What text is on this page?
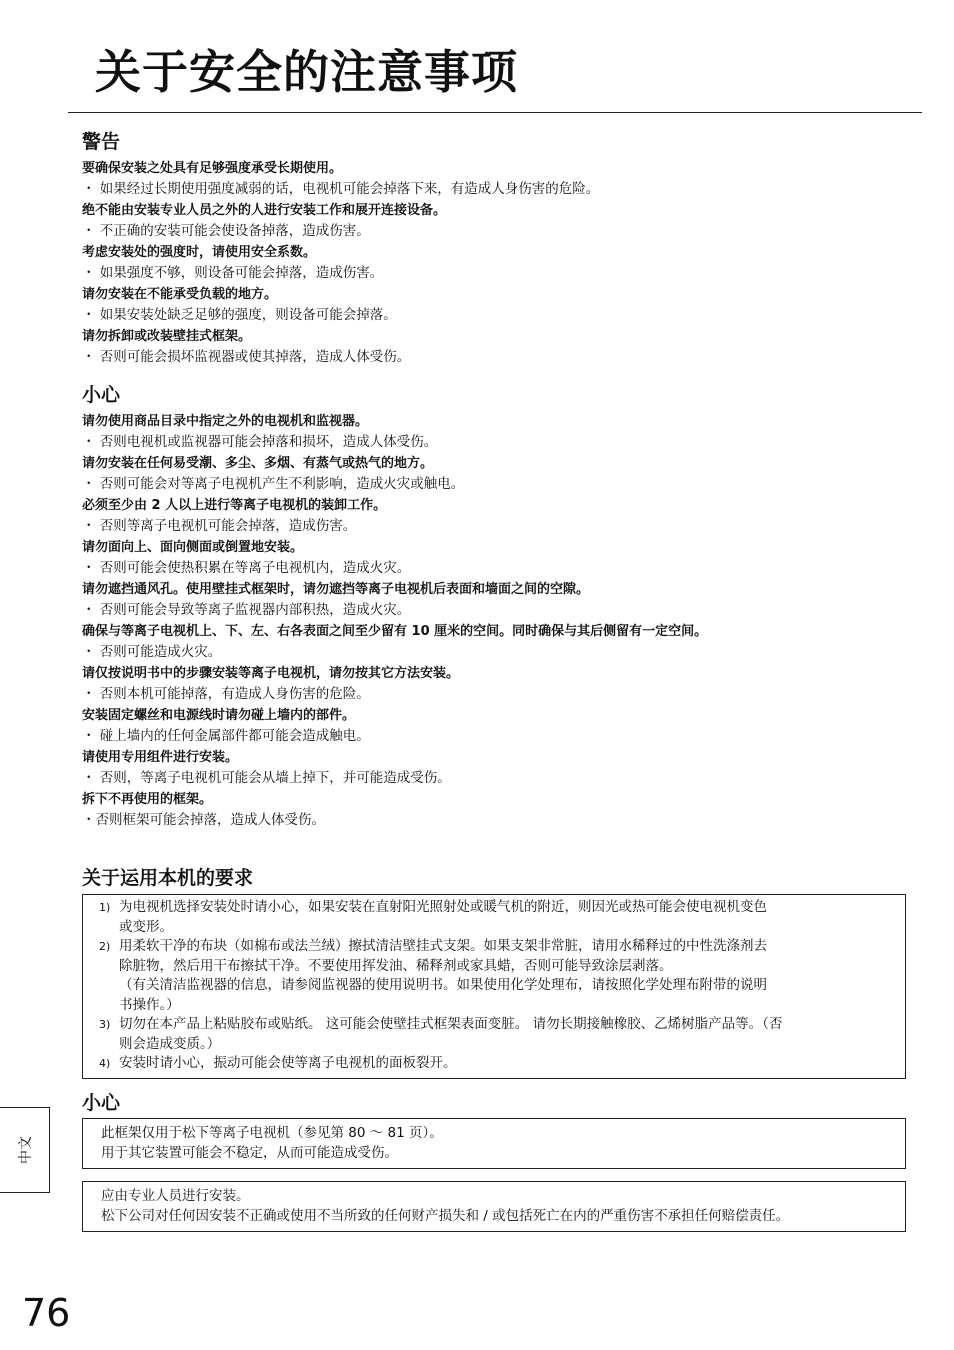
关于安全的注意事项
警告
要确保安装之处具有足够强度承受长期使用。
・ 如果经过长期使用强度减弱的话，电视机可能会掉落下来，有造成人身伤害的危险。
绝不能由安装专业人员之外的人进行安装工作和展开连接设备。
・ 不正确的安装可能会使设备掉落，造成伤害。
考虑安装处的强度时，请使用安全系数。
・ 如果强度不够，则设备可能会掉落，造成伤害。
请勿安装在不能承受负载的地方。
・ 如果安装处缺乏足够的强度，则设备可能会掉落。
请勿拆卸或改装壁挂式框架。
・ 否则可能会损坏监视器或使其掉落，造成人体受伤。
小心
请勿使用商品目录中指定之外的电视机和监视器。
・ 否则电视机或监视器可能会掉落和损坏，造成人体受伤。
请勿安装在任何易受潮、多尘、多烟、有蒸气或热气的地方。
・ 否则可能会对等离子电视机产生不利影响，造成火灾或触电。
必须至少由 2 人以上进行等离子电视机的装卸工作。
・ 否则等离子电视机可能会掉落，造成伤害。
请勿面向上、面向侧面或倒置地安装。
・ 否则可能会使热积累在等离子电视机内，造成火灾。
请勿遮挡通风孔。使用壁挂式框架时，请勿遮挡等离子电视机后表面和墙面之间的空隙。
・ 否则可能会导致等离子监视器内部积热，造成火灾。
确保与等离子电视机上、下、左、右各表面之间至少留有 10 厘米的空间。同时确保与其后侧留有一定空间。
・ 否则可能造成火灾。
请仅按说明书中的步骤安装等离子电视机，请勿按其它方法安装。
・ 否则本机可能掉落，有造成人身伤害的危险。
安装固定螺丝和电源线时请勿碰上墙内的部件。
・ 碰上墙内的任何金属部件都可能会造成触电。
请使用专用组件进行安装。
・ 否则，等离子电视机可能会从墙上掉下，并可能造成受伤。
拆下不再使用的框架。
・否则框架可能会掉落，造成人体受伤。
关于运用本机的要求
1) 为电视机选择安装处时请小心，如果安装在直射阳光照射处或暖气机的附近，则因光或热可能会使电视机变色
或变形。
2) 用柔软干净的布块（如棉布或法兰绒）擦拭清洁壁挂式支架。如果支架非常脏，请用水稀释过的中性洗涤剂去
除脏物，然后用干布擦拭干净。不要使用挥发油、稀释剂或家具蜡，否则可能导致涂层剥落。
（有关清洁监视器的信息，请参阅监视器的使用说明书。如果使用化学处理布，请按照化学处理布附带的说明
书操作。）
3) 切勿在本产品上粘贴胶布或贴纸。 这可能会使壁挂式框架表面变脏。 请勿长期接触橡胶、乙烯树脂产品等。（否
则会造成变质。）
4) 安装时请小心，振动可能会使等离子电视机的面板裂开。
小心
此框架仅用于松下等离子电视机（参见第 80 ～ 81 页）。
用于其它装置可能会不稳定，从而可能造成受伤。
应由专业人员进行安装。
松下公司对任何因安装不正确或使用不当所致的任何财产损失和 / 或包括死亡在内的严重伤害不承担任何赔偿责任。
中文
76
